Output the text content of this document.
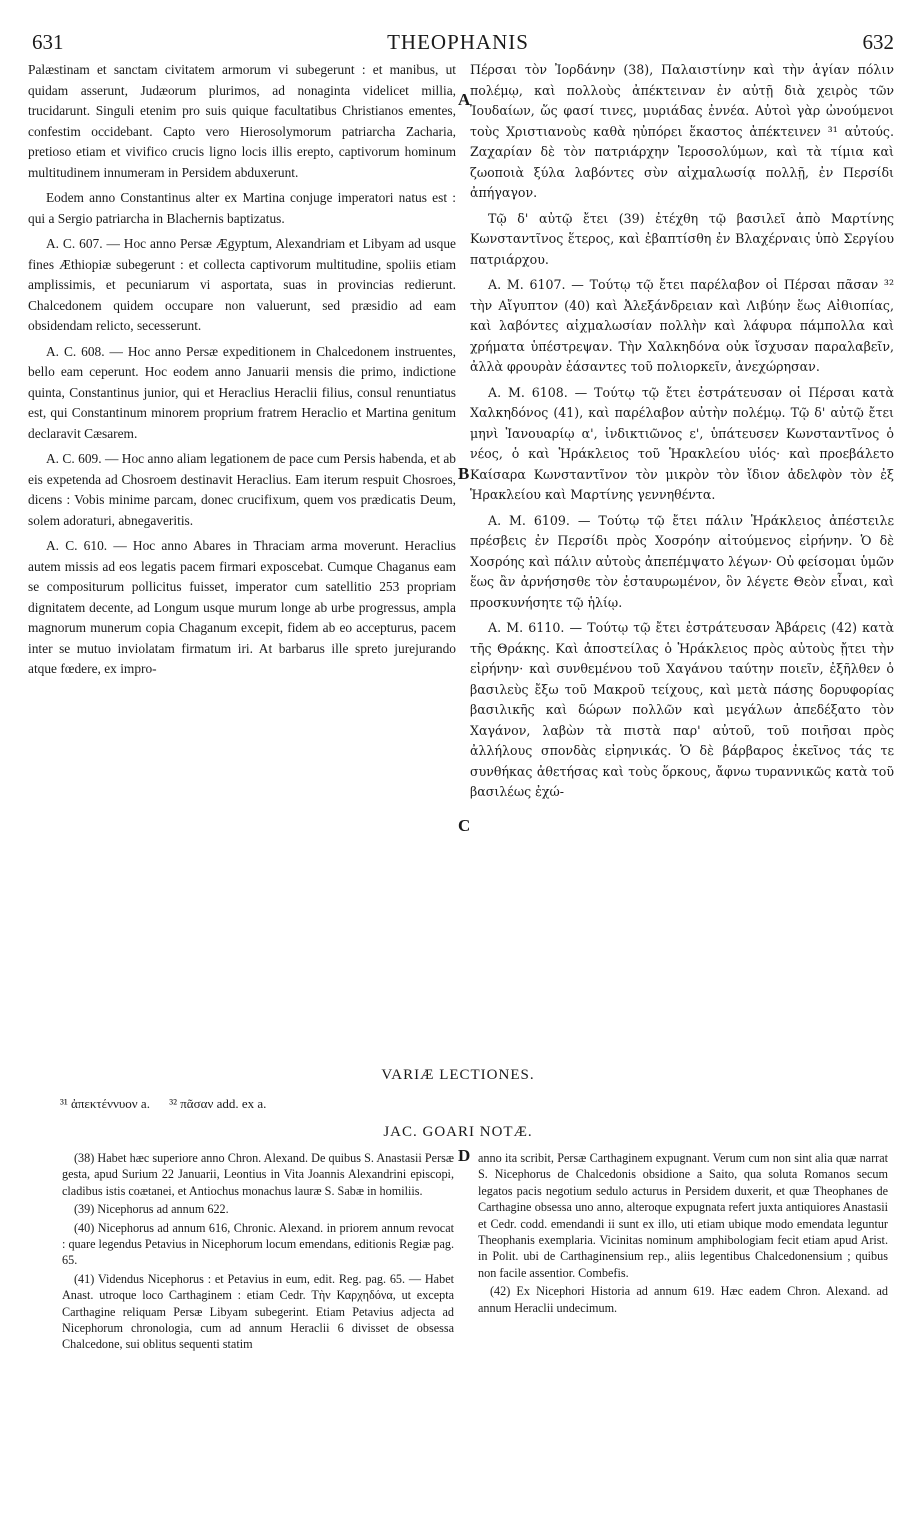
631	THEOPHANIS	632

Palæstinam et sanctam civitatem armorum vi subegerunt : et manibus, ut quidam asserunt, Judæorum plurimos, ad nonaginta videlicet millia, trucidarunt. Singuli etenim pro suis quique facultatibus Christianos ementes, confestim occidebant. Capto vero Hierosolymorum patriarcha Zacharia, pretioso etiam et vivifico crucis ligno locis illis erepto, captivorum hominum multitudinem innumeram in Persidem abduxerunt.

Eodem anno Constantinus alter ex Martina conjuge imperatori natus est : qui a Sergio patriarcha in Blachernis baptizatus.

A. C. 607. — Hoc anno Persæ Ægyptum, Alexandriam et Libyam ad usque fines Æthiopiæ subegerunt : et collecta captivorum multitudine, spoliis etiam amplissimis, et pecuniarum vi asportata, suas in provincias redierunt. Chalcedonem quidem occupare non valuerunt, sed præsidio ad eam obsidendam relicto, secesserunt.

A. C. 608. — Hoc anno Persæ expeditionem in Chalcedonem instruentes, bello eam ceperunt. Hoc eodem anno Januarii mensis die primo, indictione quinta, Constantinus junior, qui et Heraclius Heraclii filius, consul renuntiatus est, qui Constantinum minorem proprium fratrem Heraclio et Martina genitum declaravit Cæsarem.

A. C. 609. — Hoc anno aliam legationem de pace cum Persis habenda, et ab eis expetenda ad Chosroem destinavit Heraclius. Eam iterum respuit Chosroes, dicens : Vobis minime parcam, donec crucifixum, quem vos prædicatis Deum, solem adoraturi, abnegaveritis.

A. C. 610. — Hoc anno Abares in Thraciam arma moverunt. Heraclius autem missis ad eos legatis pacem firmari exposcebat. Cumque Chaganus eam se compositurum pollicitus fuisset, imperator cum satellitio 253 propriam dignitatem decente, ad Longum usque murum longe ab urbe progressus, ampla magnorum munerum copia Chaganum excepit, fidem ab eo accepturus, pacem inter se mutuo inviolatam firmatum iri. At barbarus ille spreto jurejurando atque fœdere, ex impro-

A
B
C

Πέρσαι τὸν Ἰορδάνην (38), Παλαιστίνην καὶ τὴν ἁγίαν πόλιν πολέμῳ, καὶ πολλοὺς ἀπέκτειναν ἐν αὐτῇ διὰ χειρὸς τῶν Ἰουδαίων, ὥς φασί τινες, μυριάδας ἐννέα. Αὐτοὶ γὰρ ὠνούμενοι τοὺς Χριστιανοὺς καθὰ ηὐπόρει ἕκαστος ἀπέκτεινεν ³¹ αὐτούς. Ζαχαρίαν δὲ τὸν πατριάρχην Ἱεροσολύμων, καὶ τὰ τίμια καὶ ζωοποιὰ ξύλα λαβόντες σὺν αἰχμαλωσίᾳ πολλῇ, ἐν Περσίδι ἀπήγαγον.

Τῷ δ' αὐτῷ ἔτει (39) ἐτέχθη τῷ βασιλεῖ ἀπὸ Μαρτίνης Κωνσταντῖνος ἕτερος, καὶ ἐβαπτίσθη ἐν Βλαχέρναις ὑπὸ Σεργίου πατριάρχου.

A. M. 6107. — Τούτῳ τῷ ἔτει παρέλαβον οἱ Πέρσαι πᾶσαν ³² τὴν Αἴγυπτον (40) καὶ Ἀλεξάνδρειαν καὶ Λιβύην ἕως Αἰθιοπίας, καὶ λαβόντες αἰχμαλωσίαν πολλὴν καὶ λάφυρα πάμπολλα καὶ χρήματα ὑπέστρεψαν. Τὴν Χαλκηδόνα οὐκ ἴσχυσαν παραλαβεῖν, ἀλλὰ φρουρὰν ἐάσαντες τοῦ πολιορκεῖν, ἀνεχώρησαν.

A. M. 6108. — Τούτῳ τῷ ἔτει ἐστράτευσαν οἱ Πέρσαι κατὰ Χαλκηδόνος (41), καὶ παρέλαβον αὐτὴν πολέμῳ. Τῷ δ' αὐτῷ ἔτει μηνὶ Ἰανουαρίῳ α', ἰνδικτιῶνος ε', ὑπάτευσεν Κωνσταντῖνος ὁ νέος, ὁ καὶ Ἡράκλειος τοῦ Ἡρακλείου υἱός· καὶ προεβάλετο Καίσαρα Κωνσταντῖνον τὸν μικρὸν τὸν ἴδιον ἀδελφὸν τὸν ἐξ Ἡρακλείου καὶ Μαρτίνης γεννηθέντα.

A. M. 6109. — Τούτῳ τῷ ἔτει πάλιν Ἡράκλειος ἀπέστειλε πρέσβεις ἐν Περσίδι πρὸς Χοσρόην αἰτούμενος εἰρήνην. Ὁ δὲ Χοσρόης καὶ πάλιν αὐτοὺς ἀπεπέμψατο λέγων· Οὐ φείσομαι ὑμῶν ἕως ἂν ἀρνήσησθε τὸν ἐσταυρωμένον, ὃν λέγετε Θεὸν εἶναι, καὶ προσκυνήσητε τῷ ἡλίῳ.

A. M. 6110. — Τούτῳ τῷ ἔτει ἐστράτευσαν Ἀβάρεις (42) κατὰ τῆς Θράκης. Καὶ ἀποστείλας ὁ Ἡράκλειος πρὸς αὐτοὺς ᾔτει τὴν εἰρήνην· καὶ συνθεμένου τοῦ Χαγάνου ταύτην ποιεῖν, ἐξῆλθεν ὁ βασιλεὺς ἔξω τοῦ Μακροῦ τείχους, καὶ μετὰ πάσης δορυφορίας βασιλικῆς καὶ δώρων πολλῶν καὶ μεγάλων ἀπεδέξατο τὸν Χαγάνον, λαβὼν τὰ πιστὰ παρ' αὐτοῦ, τοῦ ποιῆσαι πρὸς ἀλλήλους σπονδὰς εἰρηνικάς. Ὁ δὲ βάρβαρος ἐκεῖνος τάς τε συνθήκας ἀθετήσας καὶ τοὺς ὅρκους, ἄφνω τυραννικῶς κατὰ τοῦ βασιλέως ἐχώ-

VARIÆ LECTIONES.
³¹ ἀπεκτέννυον a. ³² πᾶσαν add. ex a.
JAC. GOARI NOTÆ.
D

(38) Habet hæc superiore anno Chron. Alexand. De quibus S. Anastasii Persæ gesta, apud Surium 22 Januarii, Leontius in Vita Joannis Alexandrini episcopi, cladibus istis coætanei, et Antiochus monachus lauræ S. Sabæ in homiliis.

(39) Nicephorus ad annum 622.

(40) Nicephorus ad annum 616, Chronic. Alexand. in priorem annum revocat : quare legendus Petavius in Nicephorum locum emendans, editionis Regiæ pag. 65.

(41) Videndus Nicephorus : et Petavius in eum, edit. Reg. pag. 65. — Habet Anast. utroque loco Carthaginem : etiam Cedr. Τὴν Καρχηδόνα, ut excepta Carthagine reliquam Persæ Libyam subegerint. Etiam Petavius adjecta ad Nicephorum chronologia, cum ad annum Heraclii 6 divisset de obsessa Chalcedone, sui oblitus sequenti statim

anno ita scribit, Persæ Carthaginem expugnant. Verum cum non sint alia quæ narrat S. Nicephorus de Chalcedonis obsidione a Saito, qua soluta Romanos secum legatos pacis negotium sedulo acturus in Persidem duxerit, et quæ Theophanes de Carthagine obsessa uno anno, alteroque expugnata refert juxta antiquiores Anastasii et Cedr. codd. emendandi ii sunt ex illo, uti etiam ubique modo emendata leguntur Theophanis exemplaria. Vicinitas nominum amphibologiam fecit etiam apud Arist. in Polit. ubi de Carthaginensium rep., aliis legentibus Chalcedonensium ; quibus non facile assentior. Combefis.

(42) Ex Nicephori Historia ad annum 619. Hæc eadem Chron. Alexand. ad annum Heraclii undecimum.
